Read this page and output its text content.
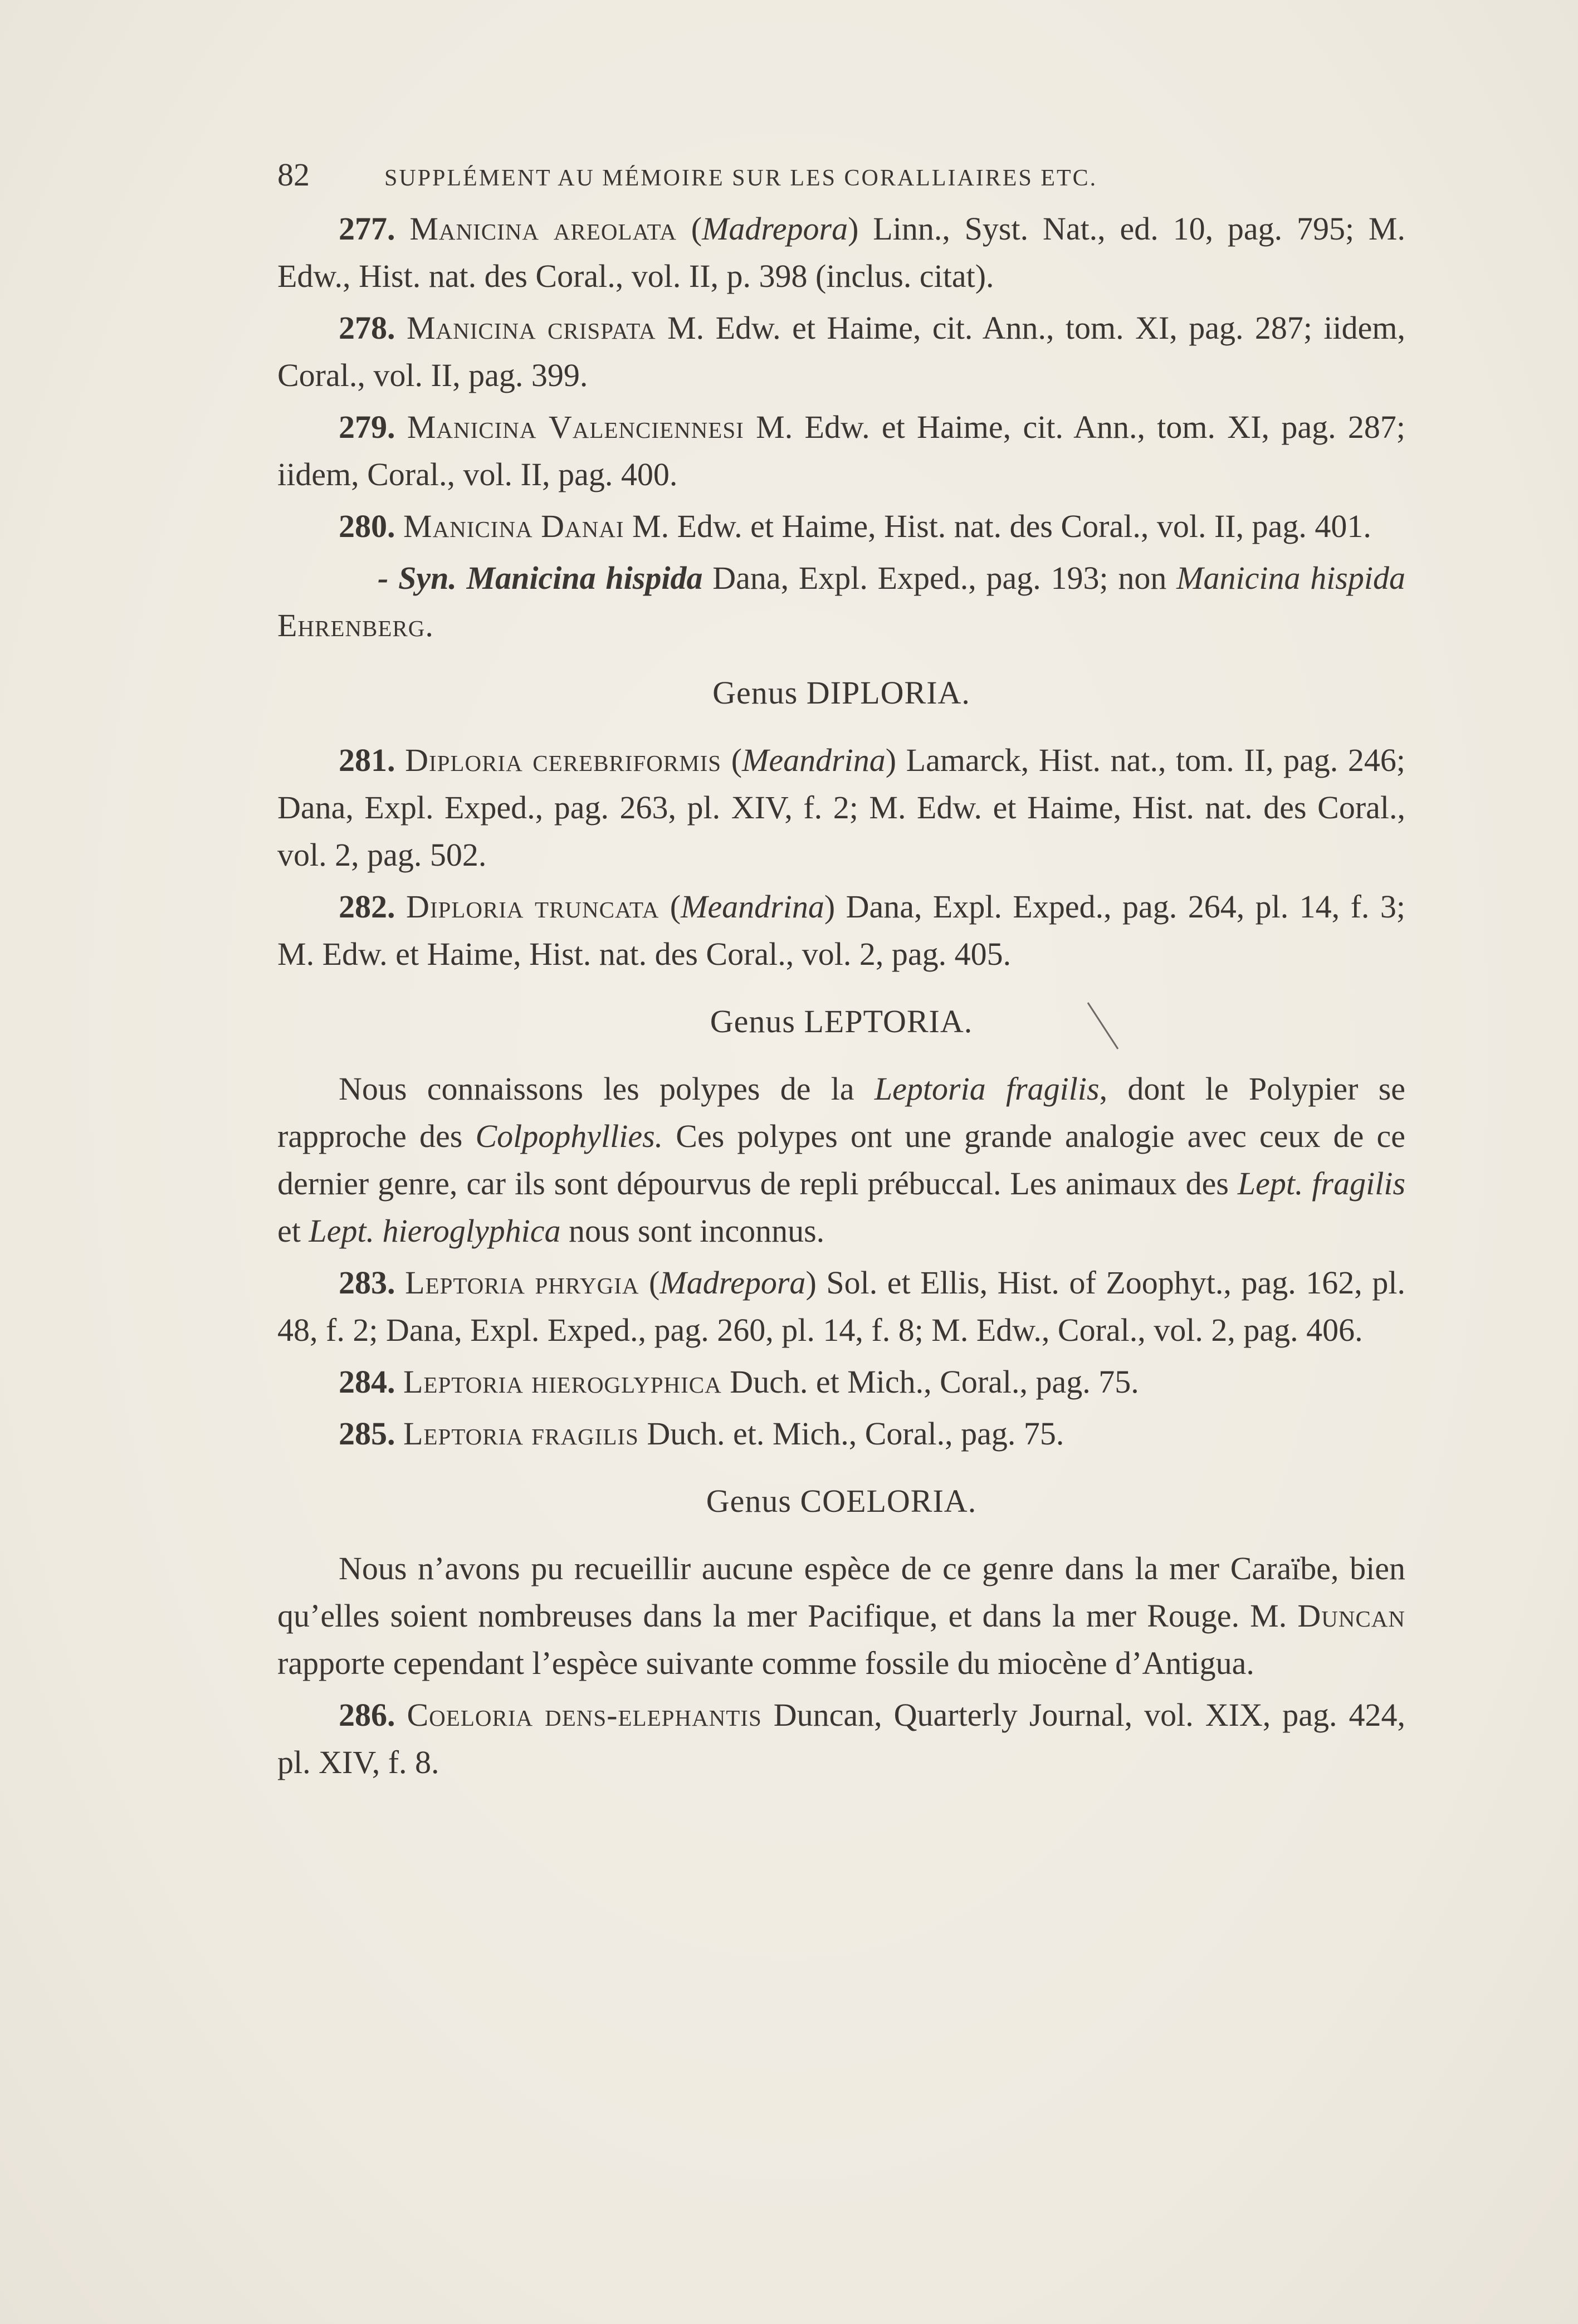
82	SUPPLÉMENT AU MÉMOIRE SUR LES CORALLIAIRES ETC.

277. Manicina areolata (Madrepora) Linn., Syst. Nat., ed. 10, pag. 795; M. Edw., Hist. nat. des Coral., vol. II, p. 398 (inclus. citat).

278. Manicina crispata M. Edw. et Haime, cit. Ann., tom. XI, pag. 287; iidem, Coral., vol. II, pag. 399.

279. Manicina Valenciennesi M. Edw. et Haime, cit. Ann., tom. XI, pag. 287; iidem, Coral., vol. II, pag. 400.

280. Manicina Danai M. Edw. et Haime, Hist. nat. des Coral., vol. II, pag. 401.

- Syn. Manicina hispida Dana, Expl. Exped., pag. 193; non Manicina hispida Ehrenberg.

Genus DIPLORIA.

281. Diploria cerebriformis (Meandrina) Lamarck, Hist. nat., tom. II, pag. 246; Dana, Expl. Exped., pag. 263, pl. XIV, f. 2; M. Edw. et Haime, Hist. nat. des Coral., vol. 2, pag. 502.

282. Diploria truncata (Meandrina) Dana, Expl. Exped., pag. 264, pl. 14, f. 3; M. Edw. et Haime, Hist. nat. des Coral., vol. 2, pag. 405.

Genus LEPTORIA.

Nous connaissons les polypes de la Leptoria fragilis, dont le Polypier se rapproche des Colpophyllies. Ces polypes ont une grande analogie avec ceux de ce dernier genre, car ils sont dépourvus de repli prébuccal. Les animaux des Lept. fragilis et Lept. hieroglyphica nous sont inconnus.

283. Leptoria phrygia (Madrepora) Sol. et Ellis, Hist. of Zoophyt., pag. 162, pl. 48, f. 2; Dana, Expl. Exped., pag. 260, pl. 14, f. 8; M. Edw., Coral., vol. 2, pag. 406.

284. Leptoria hieroglyphica Duch. et Mich., Coral., pag. 75.

285. Leptoria fragilis Duch. et. Mich., Coral., pag. 75.

Genus COELORIA.

Nous n’avons pu recueillir aucune espèce de ce genre dans la mer Caraïbe, bien qu’elles soient nombreuses dans la mer Pacifique, et dans la mer Rouge. M. Duncan rapporte cependant l’espèce suivante comme fossile du miocène d’Antigua.

286. Coeloria dens-elephantis Duncan, Quarterly Journal, vol. XIX, pag. 424, pl. XIV, f. 8.
